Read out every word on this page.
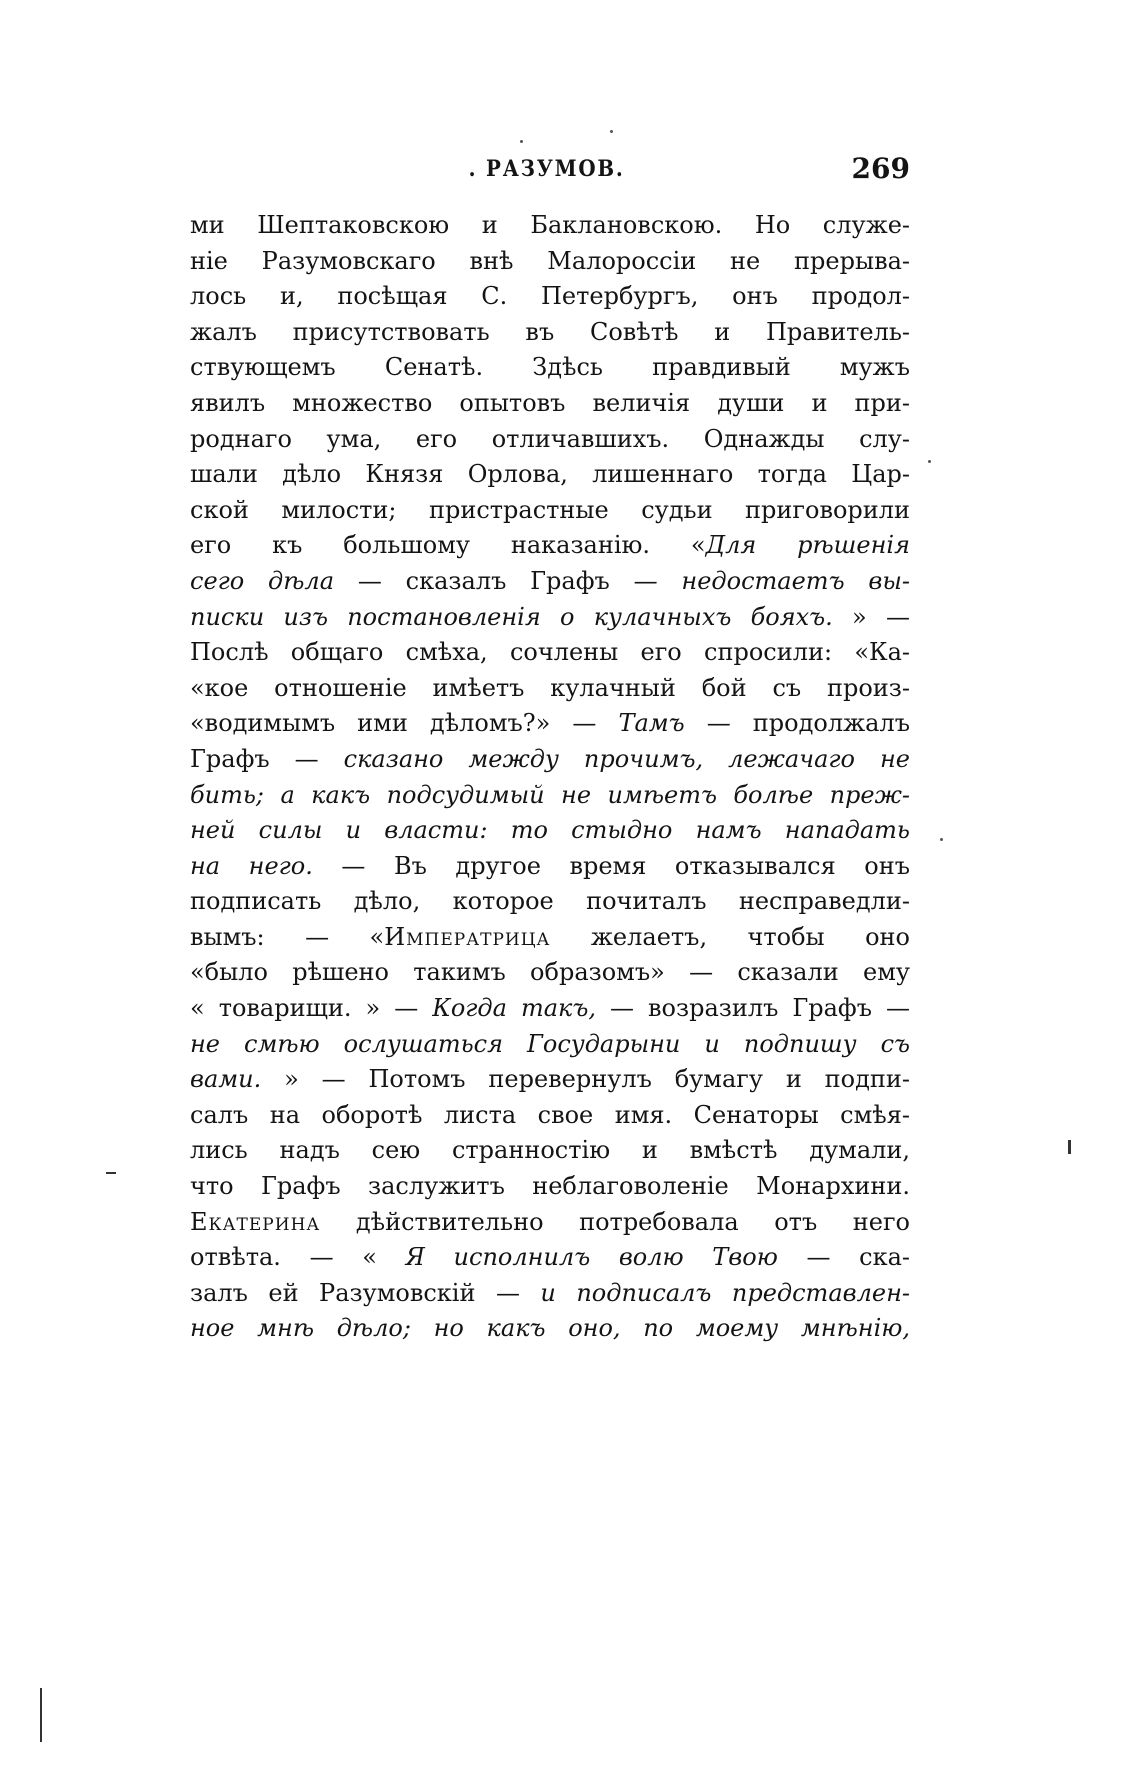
. РАЗУМОВ.	269
ми Шептаковскою и Баклановскою. Но служе-
ніе Разумовскаго внѣ Малороссіи не прерыва-
лось и, посѣщая С. Петербургъ, онъ продол-
жалъ присутствовать въ Совѣтѣ и Правитель-
ствующемъ Сенатѣ. Здѣсь правдивый мужъ
явилъ множество опытовъ величія души и при-
роднаго ума, его отличавшихъ. Однажды слу-
шали дѣло Князя Орлова, лишеннаго тогда Цар-
ской милости; пристрастные судьи приговорили
его къ большому наказанію. «Для рѣшенія
сего дѣла — сказалъ Графъ — недостаетъ вы-
писки изъ постановленія о кулачныхъ бояхъ. » —
Послѣ общаго смѣха, сочлены его спросили: «Ка-
«кое отношеніе имѣетъ кулачный бой съ произ-
«водимымъ ими дѣломъ?» — Тамъ — продолжалъ
Графъ — сказано между прочимъ, лежачаго не
бить; а какъ подсудимый не имѣетъ болѣе преж-
ней силы и власти: то стыдно намъ нападать
на него. — Въ другое время отказывался онъ
подписать дѣло, которое почиталъ несправедли-
вымъ: — «Императрица желаетъ, чтобы оно
«было рѣшено такимъ образомъ» — сказали ему
« товарищи. » — Когда такъ, — возразилъ Графъ —
не смѣю ослушаться Государыни и подпишу съ
вами. » — Потомъ перевернулъ бумагу и подпи-
салъ на оборотѣ листа свое имя. Сенаторы смѣя-
лись надъ сею странностію и вмѣстѣ думали,
что Графъ заслужитъ неблаговоленіе Монархини.
Екатерина дѣйствительно потребовала отъ него
отвѣта. — « Я исполнилъ волю Твою — ска-
залъ ей Разумовскій — и подписалъ представлен-
ное мнѣ дѣло; но какъ оно, по моему мнѣнію,
